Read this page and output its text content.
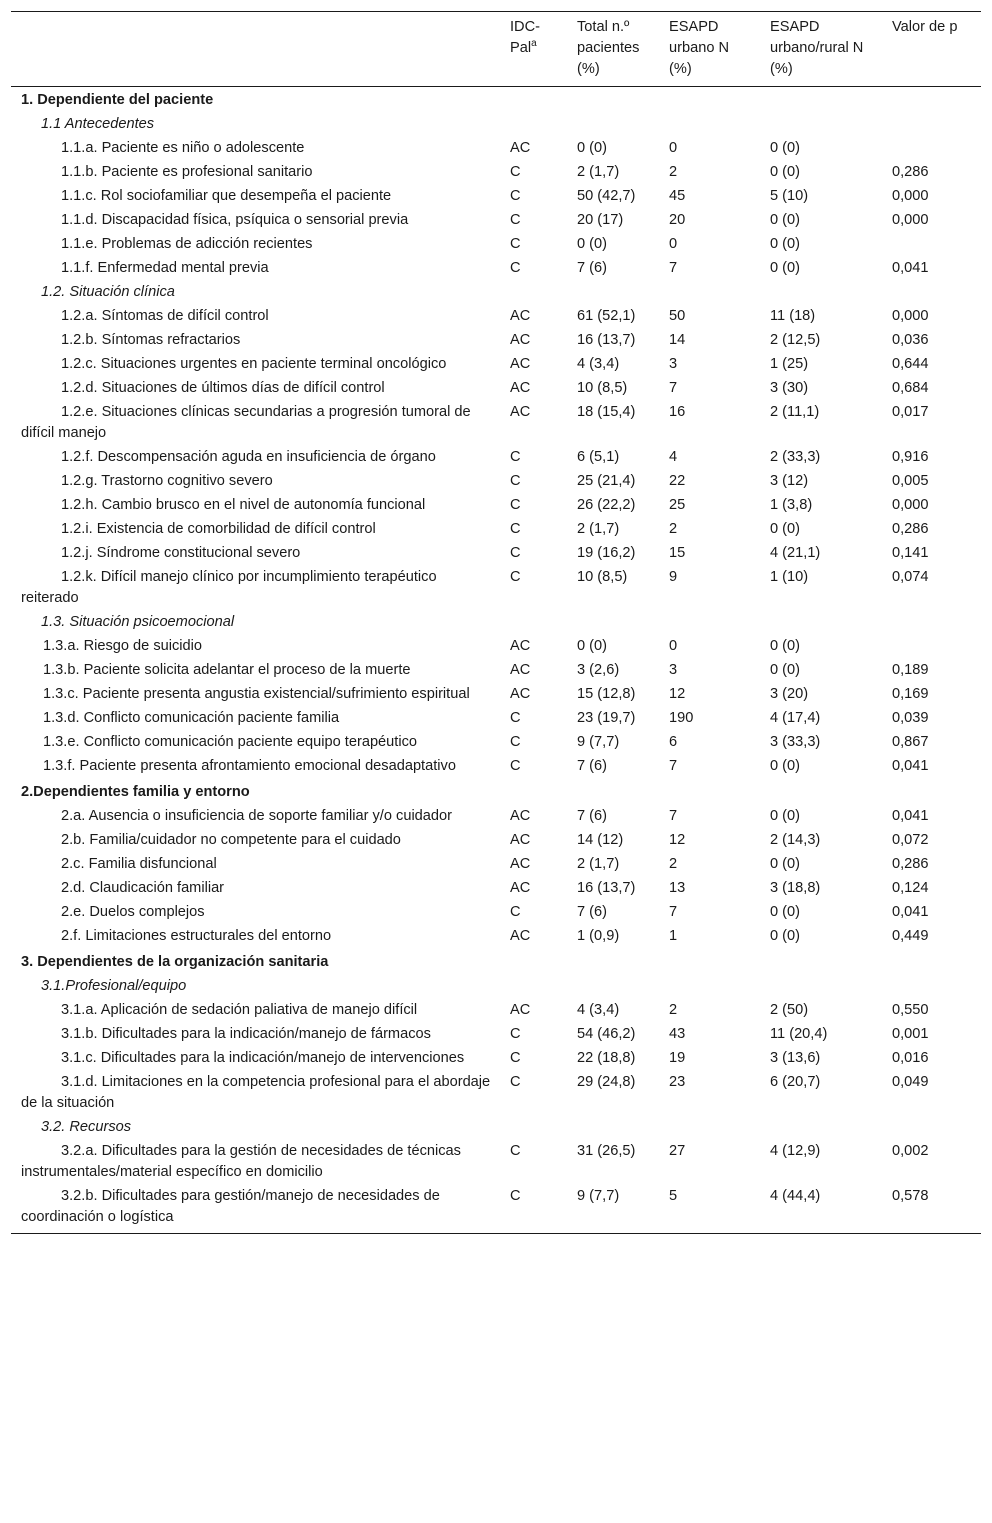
	IDC-Pal$^a$	Total n.º pacientes (%)	ESAPD urbano N (%)	ESAPD urbano/rural N (%)	Valor de p
1. Dependiente del paciente					
1.1 Antecedentes					
1.1.a. Paciente es niño o adolescente	AC	0 (0)	0	0 (0)	
1.1.b. Paciente es profesional sanitario	C	2 (1,7)	2	0 (0)	0,286
1.1.c. Rol sociofamiliar que desempeña el paciente	C	50 (42,7)	45	5 (10)	0,000
1.1.d. Discapacidad física, psíquica o sensorial previa	C	20 (17)	20	0 (0)	0,000
1.1.e. Problemas de adicción recientes	C	0 (0)	0	0 (0)	
1.1.f. Enfermedad mental previa	C	7 (6)	7	0 (0)	0,041
1.2. Situación clínica					
1.2.a. Síntomas de difícil control	AC	61 (52,1)	50	11 (18)	0,000
1.2.b. Síntomas refractarios	AC	16 (13,7)	14	2 (12,5)	0,036
1.2.c. Situaciones urgentes en paciente terminal oncológico	AC	4 (3,4)	3	1 (25)	0,644
1.2.d. Situaciones de últimos días de difícil control	AC	10 (8,5)	7	3 (30)	0,684
1.2.e. Situaciones clínicas secundarias a progresión tumoral de difícil manejo	AC	18 (15,4)	16	2 (11,1)	0,017
1.2.f. Descompensación aguda en insuficiencia de órgano	C	6 (5,1)	4	2 (33,3)	0,916
1.2.g. Trastorno cognitivo severo	C	25 (21,4)	22	3 (12)	0,005
1.2.h. Cambio brusco en el nivel de autonomía funcional	C	26 (22,2)	25	1 (3,8)	0,000
1.2.i. Existencia de comorbilidad de difícil control	C	2 (1,7)	2	0 (0)	0,286
1.2.j. Síndrome constitucional severo	C	19 (16,2)	15	4 (21,1)	0,141
1.2.k. Difícil manejo clínico por incumplimiento terapéutico reiterado	C	10 (8,5)	9	1 (10)	0,074
1.3. Situación psicoemocional					
1.3.a. Riesgo de suicidio	AC	0 (0)	0	0 (0)	
1.3.b. Paciente solicita adelantar el proceso de la muerte	AC	3 (2,6)	3	0 (0)	0,189
1.3.c. Paciente presenta angustia existencial/sufrimiento espiritual	AC	15 (12,8)	12	3 (20)	0,169
1.3.d. Conflicto comunicación paciente familia	C	23 (19,7)	190	4 (17,4)	0,039
1.3.e. Conflicto comunicación paciente equipo terapéutico	C	9 (7,7)	6	3 (33,3)	0,867
1.3.f. Paciente presenta afrontamiento emocional desadaptativo	C	7 (6)	7	0 (0)	0,041
2.Dependientes familia y entorno					
2.a. Ausencia o insuficiencia de soporte familiar y/o cuidador	AC	7 (6)	7	0 (0)	0,041
2.b. Familia/cuidador no competente para el cuidado	AC	14 (12)	12	2 (14,3)	0,072
2.c. Familia disfuncional	AC	2 (1,7)	2	0 (0)	0,286
2.d. Claudicación familiar	AC	16 (13,7)	13	3 (18,8)	0,124
2.e. Duelos complejos	C	7 (6)	7	0 (0)	0,041
2.f. Limitaciones estructurales del entorno	AC	1 (0,9)	1	0 (0)	0,449
3. Dependientes de la organización sanitaria					
3.1.Profesional/equipo					
3.1.a. Aplicación de sedación paliativa de manejo difícil	AC	4 (3,4)	2	2 (50)	0,550
3.1.b. Dificultades para la indicación/manejo de fármacos	C	54 (46,2)	43	11 (20,4)	0,001
3.1.c. Dificultades para la indicación/manejo de intervenciones	C	22 (18,8)	19	3 (13,6)	0,016
3.1.d. Limitaciones en la competencia profesional para el abordaje de la situación	C	29 (24,8)	23	6 (20,7)	0,049
3.2. Recursos					
3.2.a. Dificultades para la gestión de necesidades de técnicas instrumentales/material específico en domicilio	C	31 (26,5)	27	4 (12,9)	0,002
3.2.b. Dificultades para gestión/manejo de necesidades de coordinación o logística	C	9 (7,7)	5	4 (44,4)	0,578
